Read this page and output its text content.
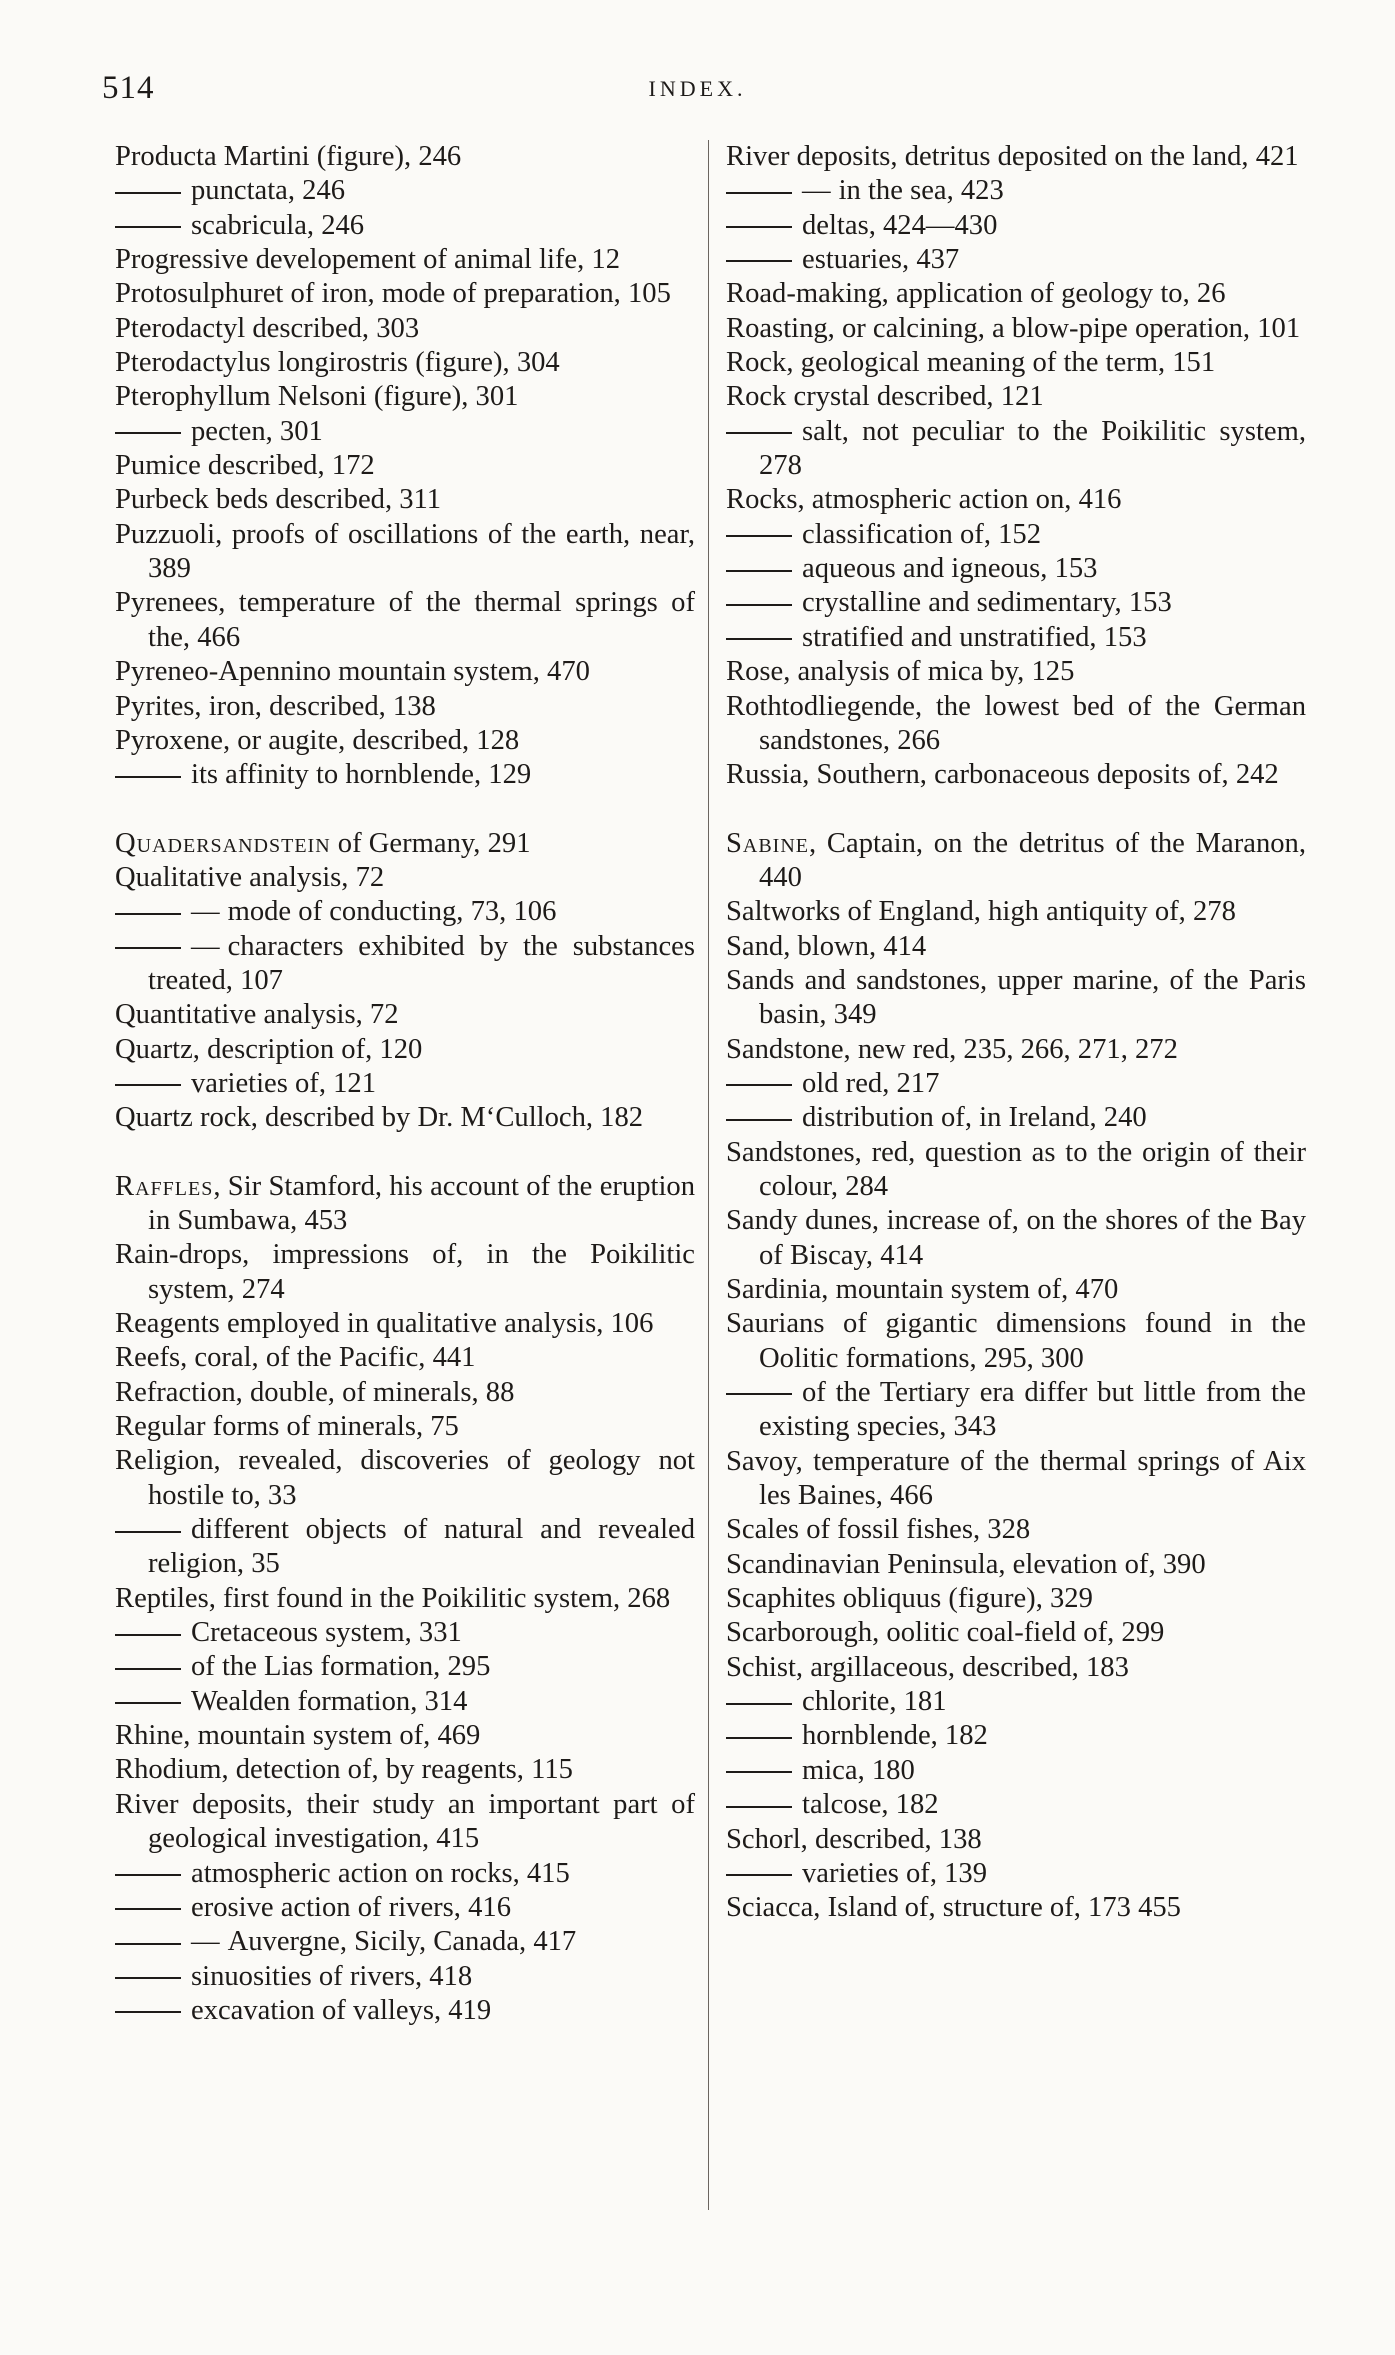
514	INDEX.

Producta Martini (figure), 246

punctata, 246

scabricula, 246

Progressive developement of animal life, 12

Protosulphuret of iron, mode of preparation, 105

Pterodactyl described, 303

Pterodactylus longirostris (figure), 304

Pterophyllum Nelsoni (figure), 301

pecten, 301

Pumice described, 172

Purbeck beds described, 311

Puzzuoli, proofs of oscillations of the earth, near, 389

Pyrenees, temperature of the thermal springs of the, 466

Pyreneo-Apennino mountain system, 470

Pyrites, iron, described, 138

Pyroxene, or augite, described, 128

its affinity to hornblende, 129

Quadersandstein of Germany, 291

Qualitative analysis, 72

— mode of conducting, 73, 106

— characters exhibited by the substances treated, 107

Quantitative analysis, 72

Quartz, description of, 120

varieties of, 121

Quartz rock, described by Dr. M‘Culloch, 182

Raffles, Sir Stamford, his account of the eruption in Sumbawa, 453

Rain-drops, impressions of, in the Poikilitic system, 274

Reagents employed in qualitative analysis, 106

Reefs, coral, of the Pacific, 441

Refraction, double, of minerals, 88

Regular forms of minerals, 75

Religion, revealed, discoveries of geology not hostile to, 33

different objects of natural and revealed religion, 35

Reptiles, first found in the Poikilitic system, 268

Cretaceous system, 331

of the Lias formation, 295

Wealden formation, 314

Rhine, mountain system of, 469

Rhodium, detection of, by reagents, 115

River deposits, their study an important part of geological investigation, 415

atmospheric action on rocks, 415

erosive action of rivers, 416

— Auvergne, Sicily, Canada, 417

sinuosities of rivers, 418

excavation of valleys, 419

River deposits, detritus deposited on the land, 421

— in the sea, 423

deltas, 424—430

estuaries, 437

Road-making, application of geology to, 26

Roasting, or calcining, a blow-pipe operation, 101

Rock, geological meaning of the term, 151

Rock crystal described, 121

salt, not peculiar to the Poikilitic system, 278

Rocks, atmospheric action on, 416

classification of, 152

aqueous and igneous, 153

crystalline and sedimentary, 153

stratified and unstratified, 153

Rose, analysis of mica by, 125

Rothtodliegende, the lowest bed of the German sandstones, 266

Russia, Southern, carbonaceous deposits of, 242

Sabine, Captain, on the detritus of the Maranon, 440

Saltworks of England, high antiquity of, 278

Sand, blown, 414

Sands and sandstones, upper marine, of the Paris basin, 349

Sandstone, new red, 235, 266, 271, 272

old red, 217

distribution of, in Ireland, 240

Sandstones, red, question as to the origin of their colour, 284

Sandy dunes, increase of, on the shores of the Bay of Biscay, 414

Sardinia, mountain system of, 470

Saurians of gigantic dimensions found in the Oolitic formations, 295, 300

of the Tertiary era differ but little from the existing species, 343

Savoy, temperature of the thermal springs of Aix les Baines, 466

Scales of fossil fishes, 328

Scandinavian Peninsula, elevation of, 390

Scaphites obliquus (figure), 329

Scarborough, oolitic coal-field of, 299

Schist, argillaceous, described, 183

chlorite, 181

hornblende, 182

mica, 180

talcose, 182

Schorl, described, 138

varieties of, 139

Sciacca, Island of, structure of, 173 455
